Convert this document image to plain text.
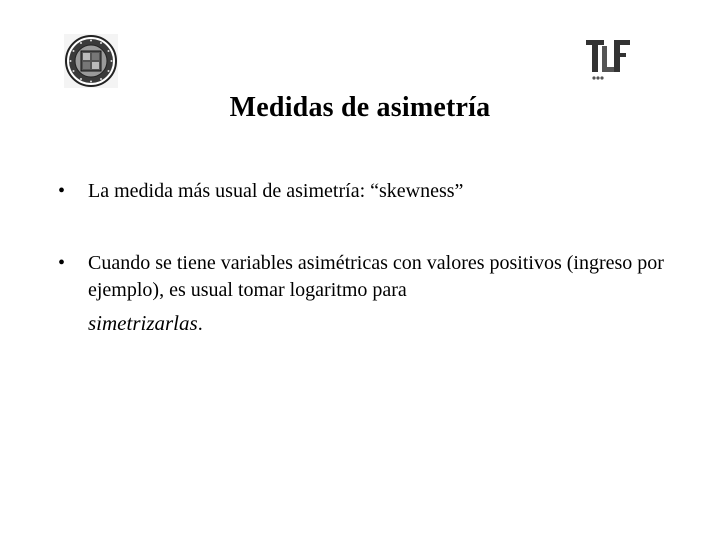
Medidas de asimetría
•	La medida más usual de asimetría: “skewness”
•	Cuando se tiene variables asimétricas con valores positivos (ingreso por ejemplo), es usual tomar logaritmo para
simetrizarlas.
